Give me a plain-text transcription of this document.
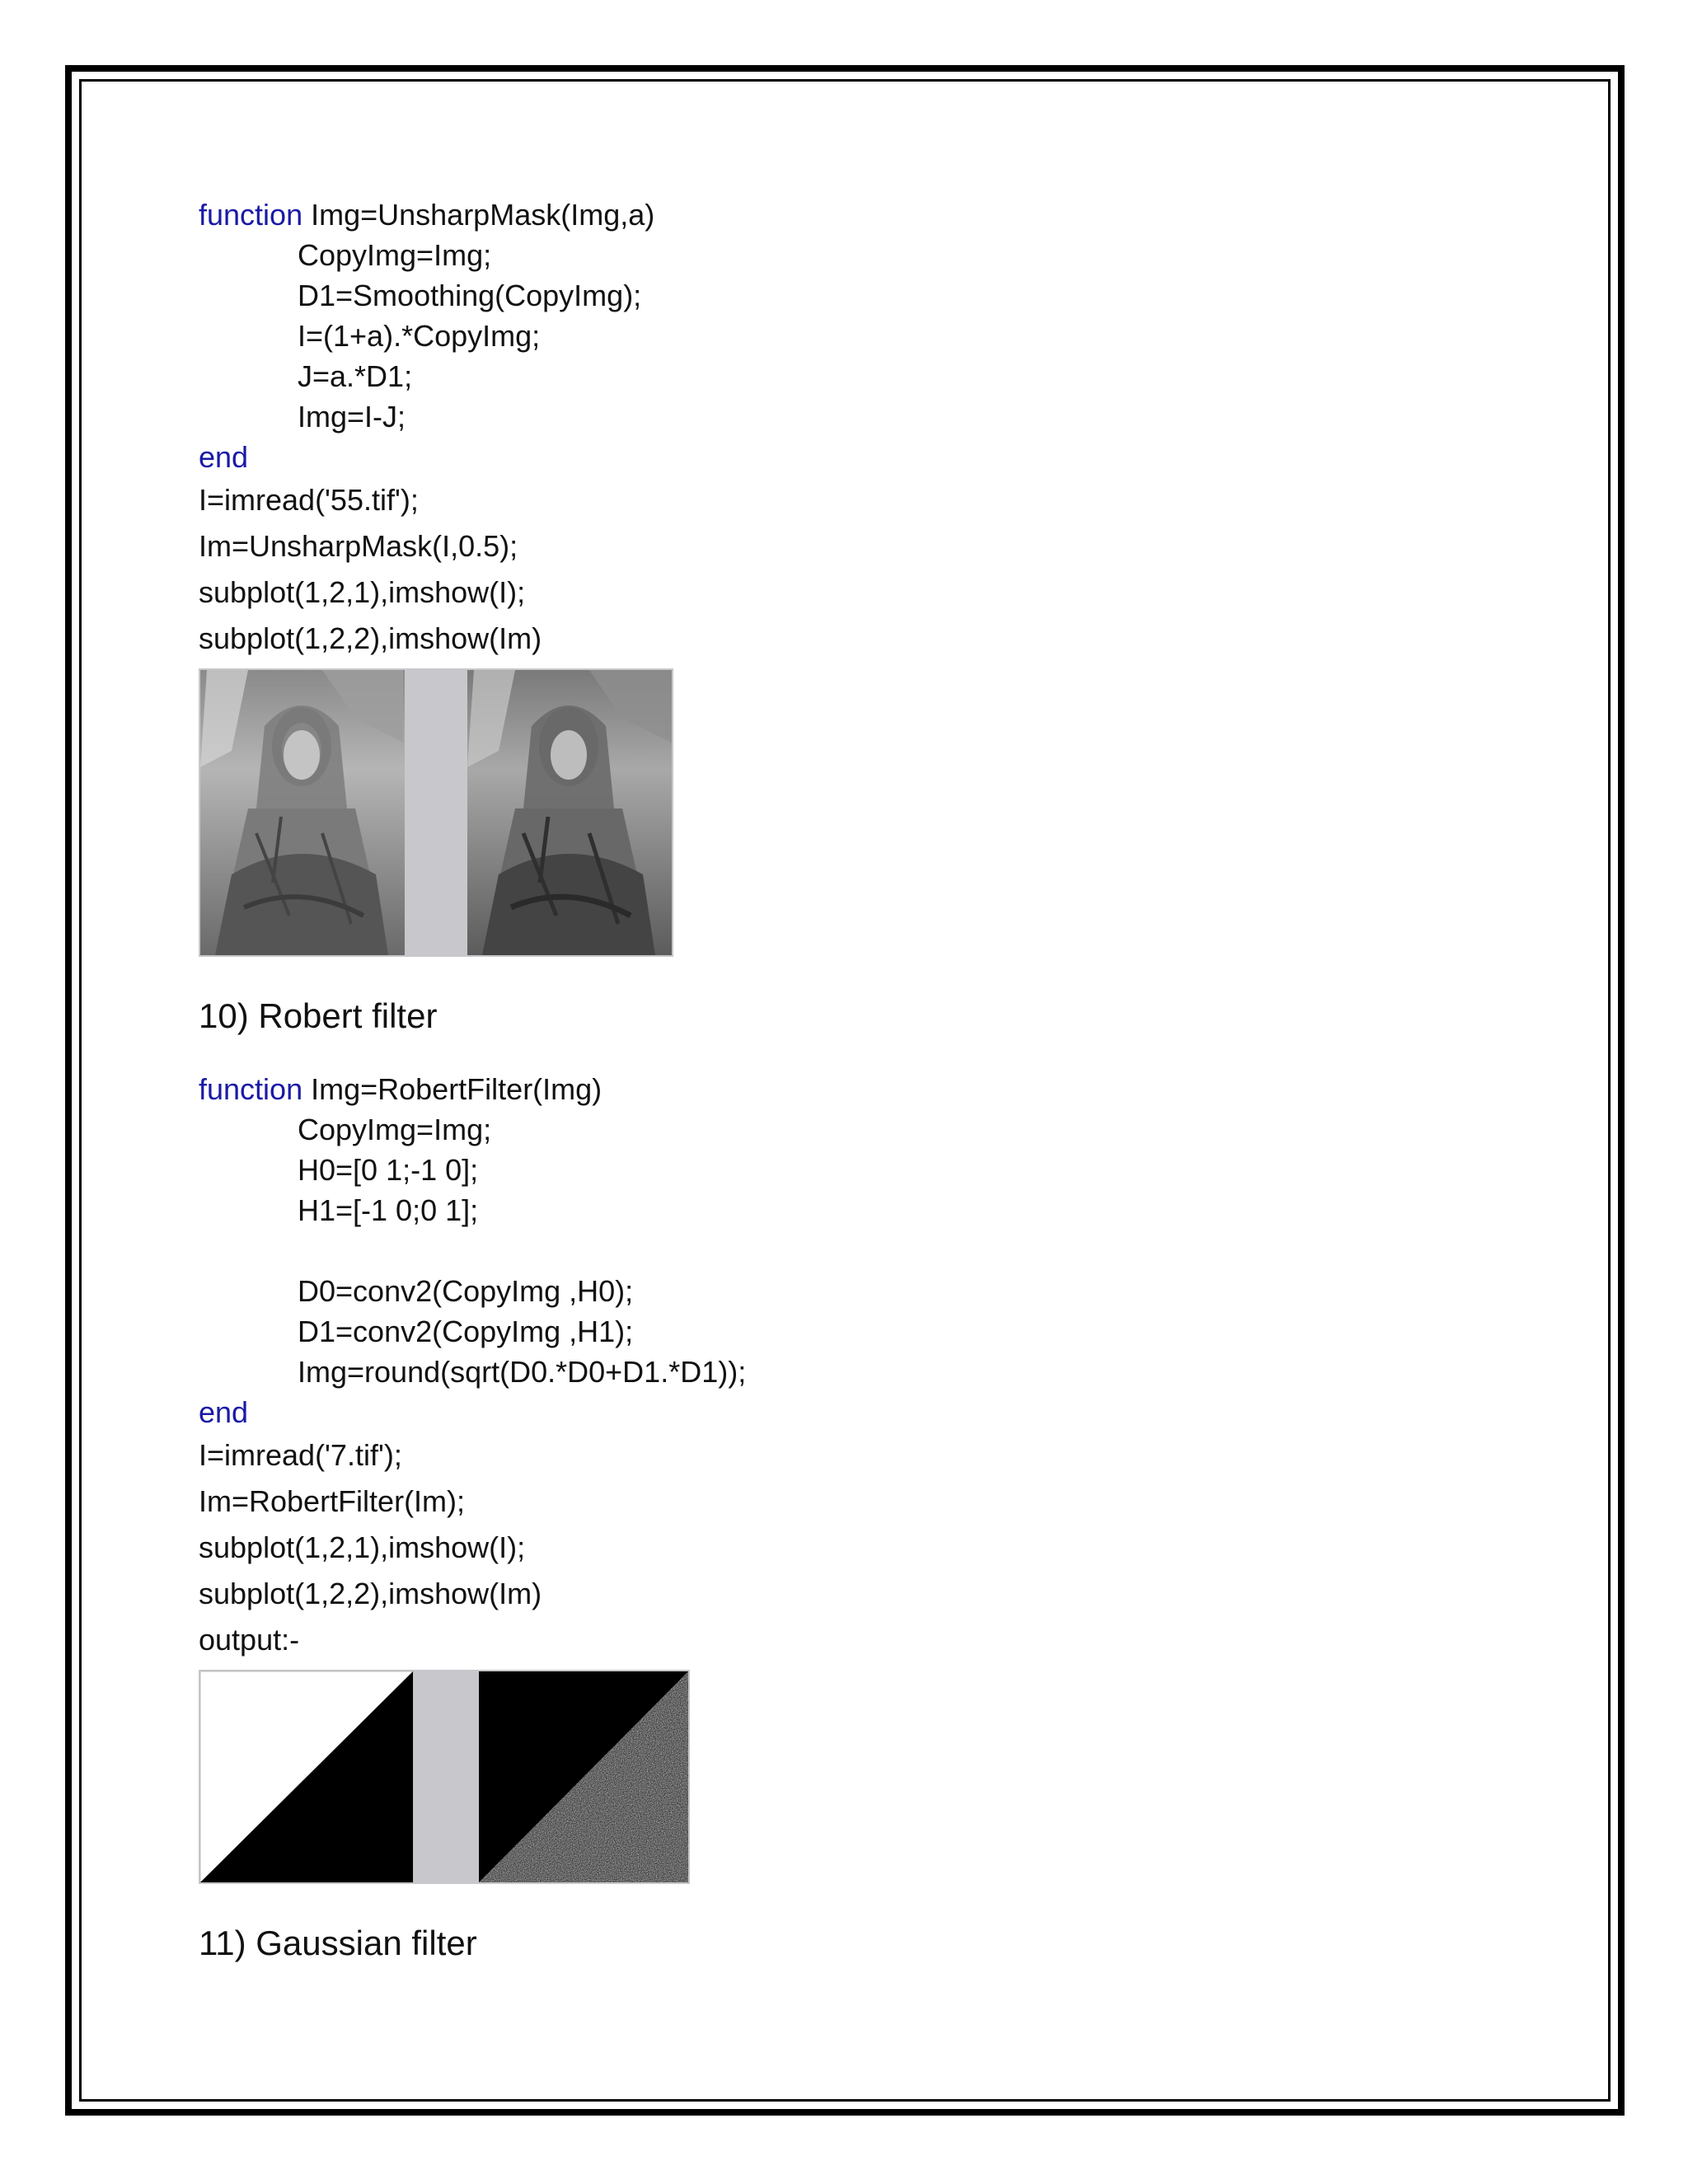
function Img=UnsharpMask(Img,a)
CopyImg=Img;
D1=Smoothing(CopyImg);
I=(1+a).*CopyImg;
J=a.*D1;
Img=I-J;
end
I=imread('55.tif');
Im=UnsharpMask(I,0.5);
subplot(1,2,1),imshow(I);
subplot(1,2,2),imshow(Im)
10) Robert filter
function Img=RobertFilter(Img)
CopyImg=Img;
H0=[0 1;-1 0];
H1=[-1 0;0 1];
D0=conv2(CopyImg ,H0);
D1=conv2(CopyImg ,H1);
Img=round(sqrt(D0.*D0+D1.*D1));
end
I=imread('7.tif');
Im=RobertFilter(Im);
subplot(1,2,1),imshow(I);
subplot(1,2,2),imshow(Im)
output:-
11) Gaussian filter
